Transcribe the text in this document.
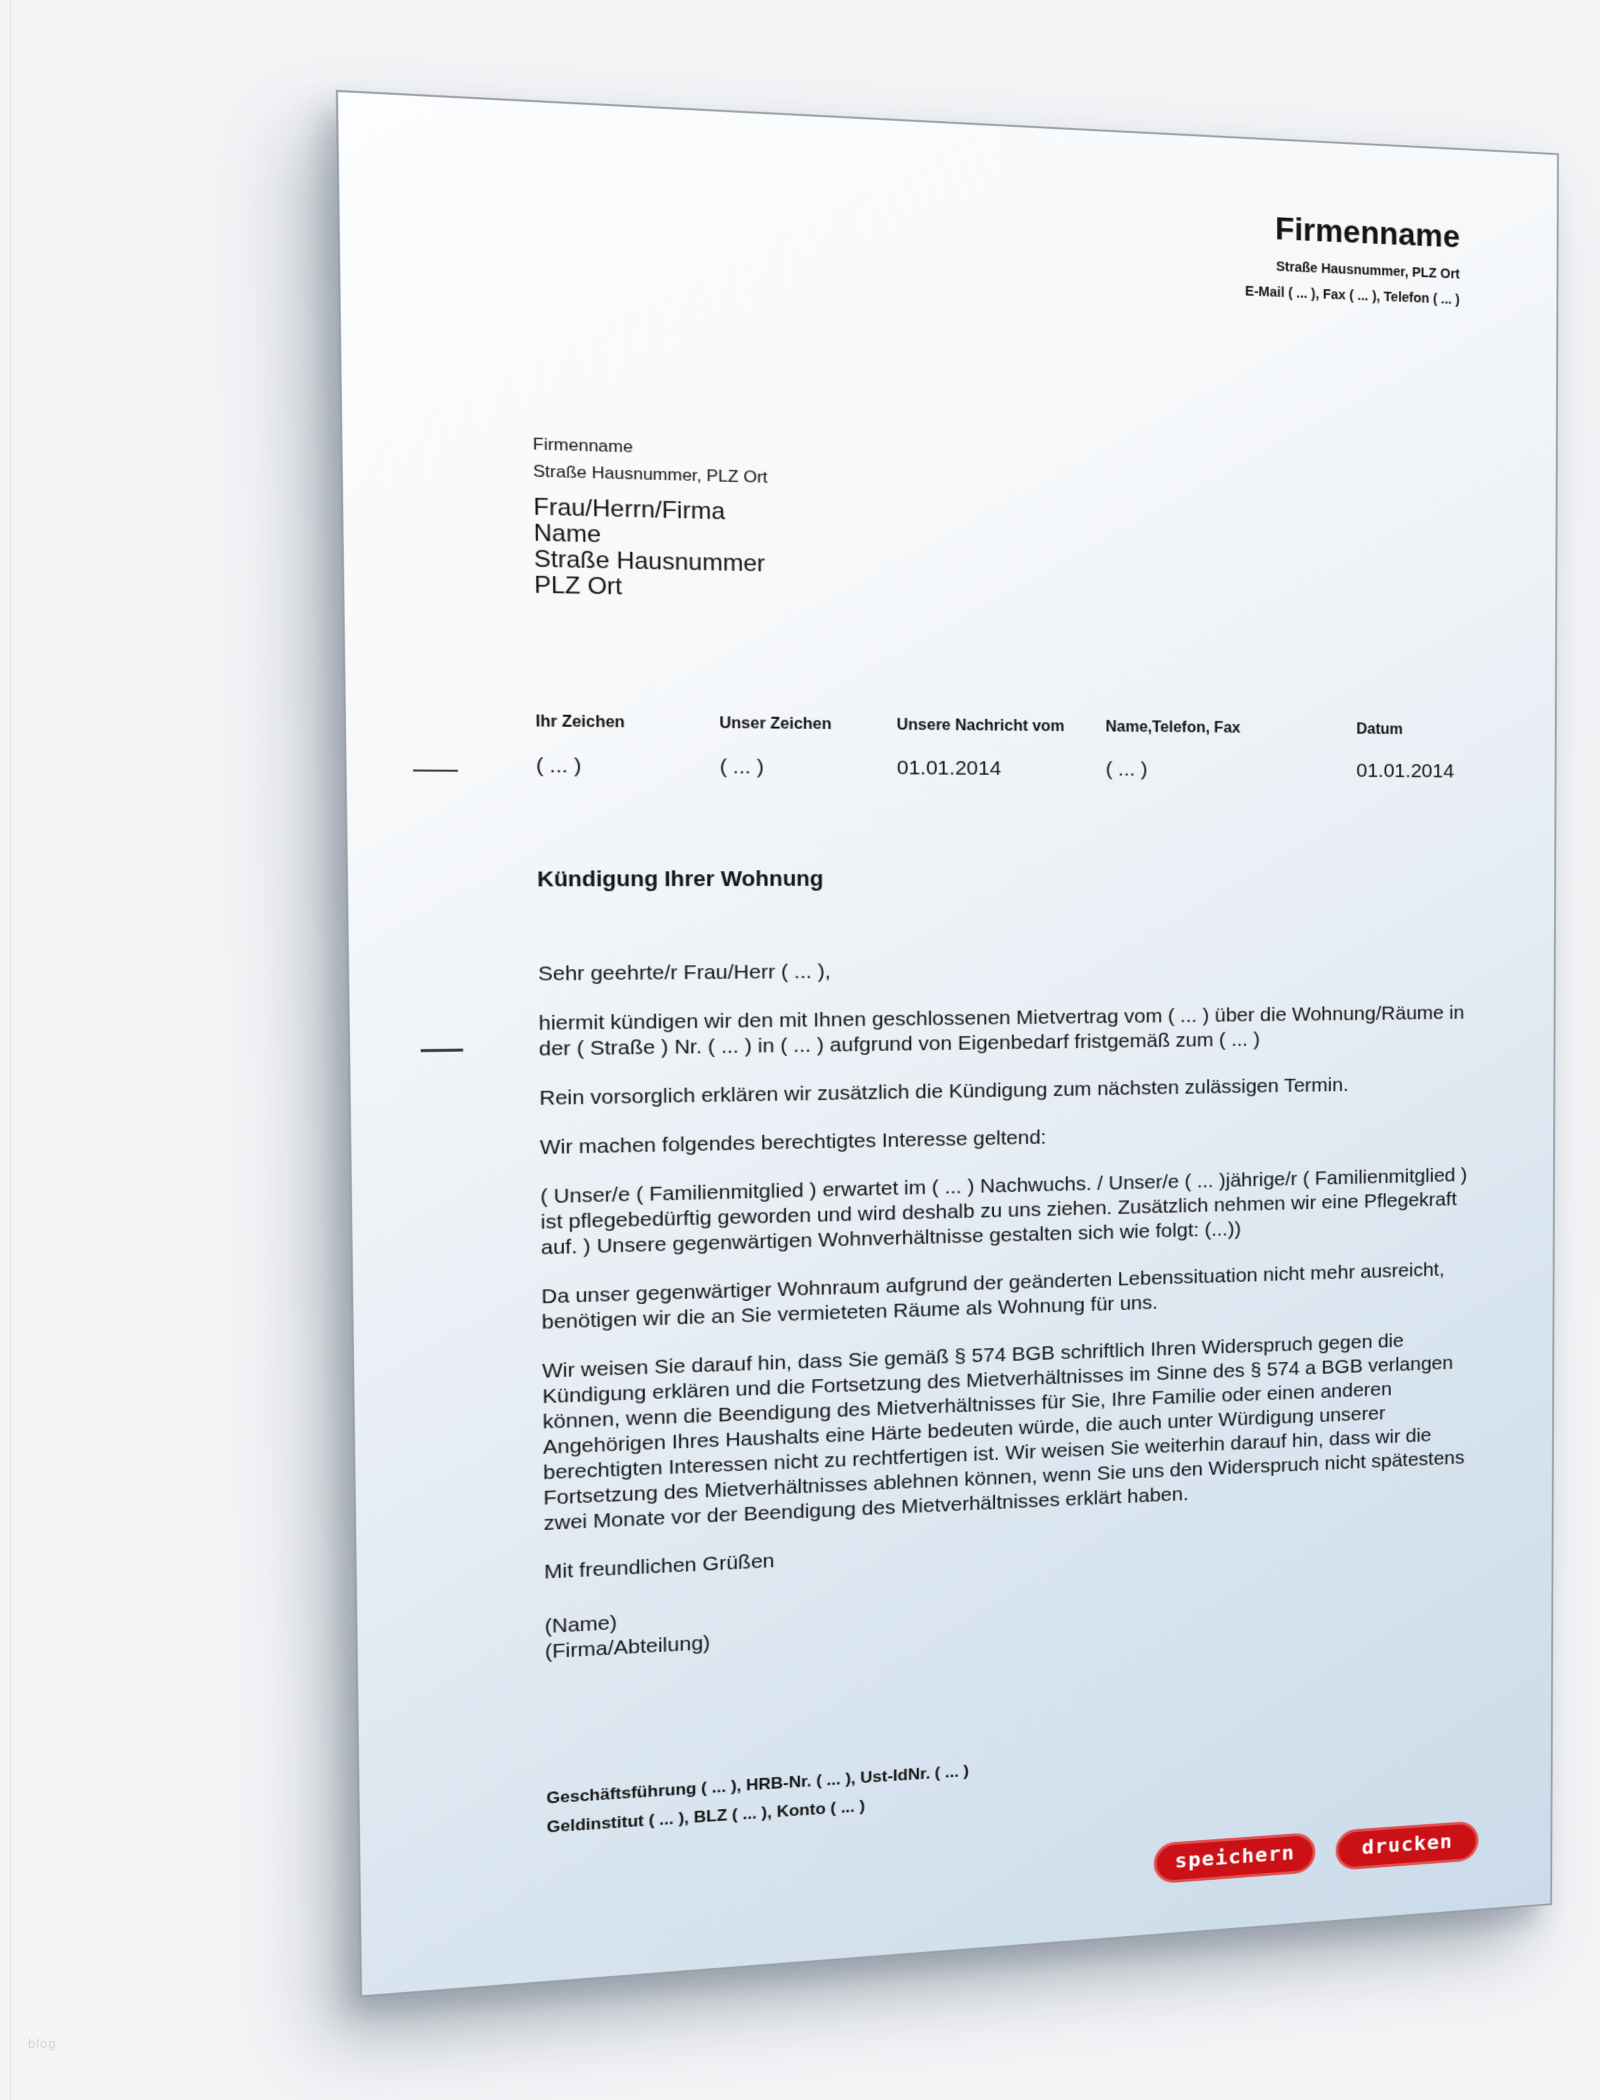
blog
Firmenname
Straße Hausnummer, PLZ Ort
E-Mail ( ... ), Fax ( ... ), Telefon ( ... )
Firmenname
Straße Hausnummer, PLZ Ort
Frau/Herrn/Firma
Name
Straße Hausnummer
PLZ Ort
Ihr Zeichen
( ... )
Unser Zeichen
( ... )
Unsere Nachricht vom
01.01.2014
Name,Telefon, Fax
( ... )
Datum
01.01.2014
Kündigung Ihrer Wohnung
Sehr geehrte/r Frau/Herr ( ... ),
hiermit kündigen wir den mit Ihnen geschlossenen Mietvertrag vom ( ... ) über die Wohnung/Räume in
der ( Straße ) Nr. ( ... ) in ( ... ) aufgrund von Eigenbedarf fristgemäß zum ( ... )
Rein vorsorglich erklären wir zusätzlich die Kündigung zum nächsten zulässigen Termin.
Wir machen folgendes berechtigtes Interesse geltend:
( Unser/e ( Familienmitglied ) erwartet im ( ... ) Nachwuchs. / Unser/e ( ... )jährige/r ( Familienmitglied )
ist pflegebedürftig geworden und wird deshalb zu uns ziehen. Zusätzlich nehmen wir eine Pflegekraft
auf. ) Unsere gegenwärtigen Wohnverhältnisse gestalten sich wie folgt: (...))
Da unser gegenwärtiger Wohnraum aufgrund der geänderten Lebenssituation nicht mehr ausreicht,
benötigen wir die an Sie vermieteten Räume als Wohnung für uns.
Wir weisen Sie darauf hin, dass Sie gemäß § 574 BGB schriftlich Ihren Widerspruch gegen die
Kündigung erklären und die Fortsetzung des Mietverhältnisses im Sinne des § 574 a BGB verlangen
können, wenn die Beendigung des Mietverhältnisses für Sie, Ihre Familie oder einen anderen
Angehörigen Ihres Haushalts eine Härte bedeuten würde, die auch unter Würdigung unserer
berechtigten Interessen nicht zu rechtfertigen ist. Wir weisen Sie weiterhin darauf hin, dass wir die
Fortsetzung des Mietverhältnisses ablehnen können, wenn Sie uns den Widerspruch nicht spätestens
zwei Monate vor der Beendigung des Mietverhältnisses erklärt haben.
Mit freundlichen Grüßen
(Name)
(Firma/Abteilung)
Geschäftsführung ( ... ), HRB-Nr. ( ... ), Ust-IdNr. ( ... )
Geldinstitut ( ... ), BLZ ( ... ), Konto ( ... )
speichern	drucken
